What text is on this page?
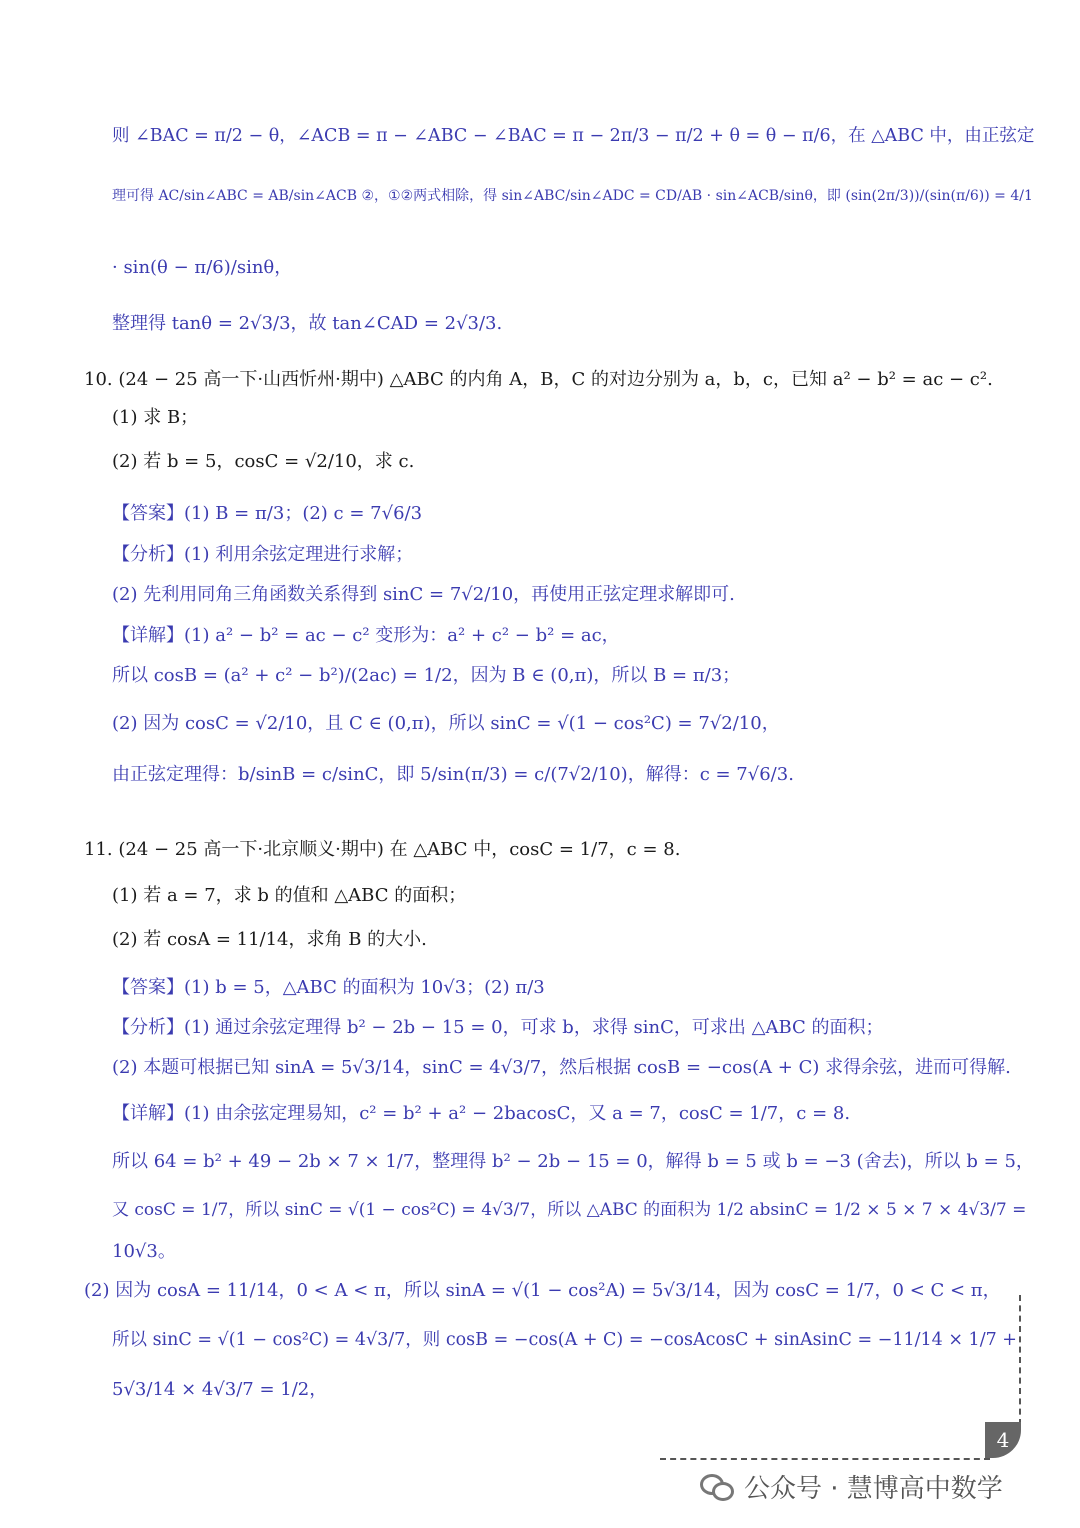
则 ∠BAC = π/2 − θ，∠ACB = π − ∠ABC − ∠BAC = π − 2π/3 − π/2 + θ = θ − π/6，在 △ABC 中，由正弦定
理可得 AC/sin∠ABC = AB/sin∠ACB ②，①②两式相除，得 sin∠ABC/sin∠ADC = CD/AB · sin∠ACB/sinθ，即 (sin(2π/3))/(sin(π/6)) = 4/1
· sin(θ − π/6)/sinθ，
整理得 tanθ = 2√3/3，故 tan∠CAD = 2√3/3.
10. (24 − 25 高一下·山西忻州·期中) △ABC 的内角 A，B，C 的对边分别为 a，b，c，已知 a² − b² = ac − c².
(1) 求 B；
(2) 若 b = 5，cosC = √2/10，求 c.
【答案】(1) B = π/3；(2) c = 7√6/3
【分析】(1) 利用余弦定理进行求解；
(2) 先利用同角三角函数关系得到 sinC = 7√2/10，再使用正弦定理求解即可.
【详解】(1) a² − b² = ac − c² 变形为：a² + c² − b² = ac，
所以 cosB = (a² + c² − b²)/(2ac) = 1/2，因为 B ∈ (0,π)，所以 B = π/3；
(2) 因为 cosC = √2/10，且 C ∈ (0,π)，所以 sinC = √(1 − cos²C) = 7√2/10，
由正弦定理得：b/sinB = c/sinC，即 5/sin(π/3) = c/(7√2/10)，解得：c = 7√6/3.
11. (24 − 25 高一下·北京顺义·期中) 在 △ABC 中，cosC = 1/7，c = 8.
(1) 若 a = 7，求 b 的值和 △ABC 的面积；
(2) 若 cosA = 11/14，求角 B 的大小.
【答案】(1) b = 5，△ABC 的面积为 10√3；(2) π/3
【分析】(1) 通过余弦定理得 b² − 2b − 15 = 0，可求 b，求得 sinC，可求出 △ABC 的面积；
(2) 本题可根据已知 sinA = 5√3/14，sinC = 4√3/7，然后根据 cosB = −cos(A + C) 求得余弦，进而可得解.
【详解】(1) 由余弦定理易知，c² = b² + a² − 2bacosC，又 a = 7，cosC = 1/7，c = 8.
所以 64 = b² + 49 − 2b × 7 × 1/7，整理得 b² − 2b − 15 = 0，解得 b = 5 或 b = −3 (舍去)，所以 b = 5，
又 cosC = 1/7，所以 sinC = √(1 − cos²C) = 4√3/7，所以 △ABC 的面积为 1/2 absinC = 1/2 × 5 × 7 × 4√3/7 =
10√3。
(2) 因为 cosA = 11/14，0 < A < π，所以 sinA = √(1 − cos²A) = 5√3/14，因为 cosC = 1/7，0 < C < π，
所以 sinC = √(1 − cos²C) = 4√3/7，则 cosB = −cos(A + C) = −cosAcosC + sinAsinC = −11/14 × 1/7 +
5√3/14 × 4√3/7 = 1/2，
4
公众号 · 慧博高中数学
